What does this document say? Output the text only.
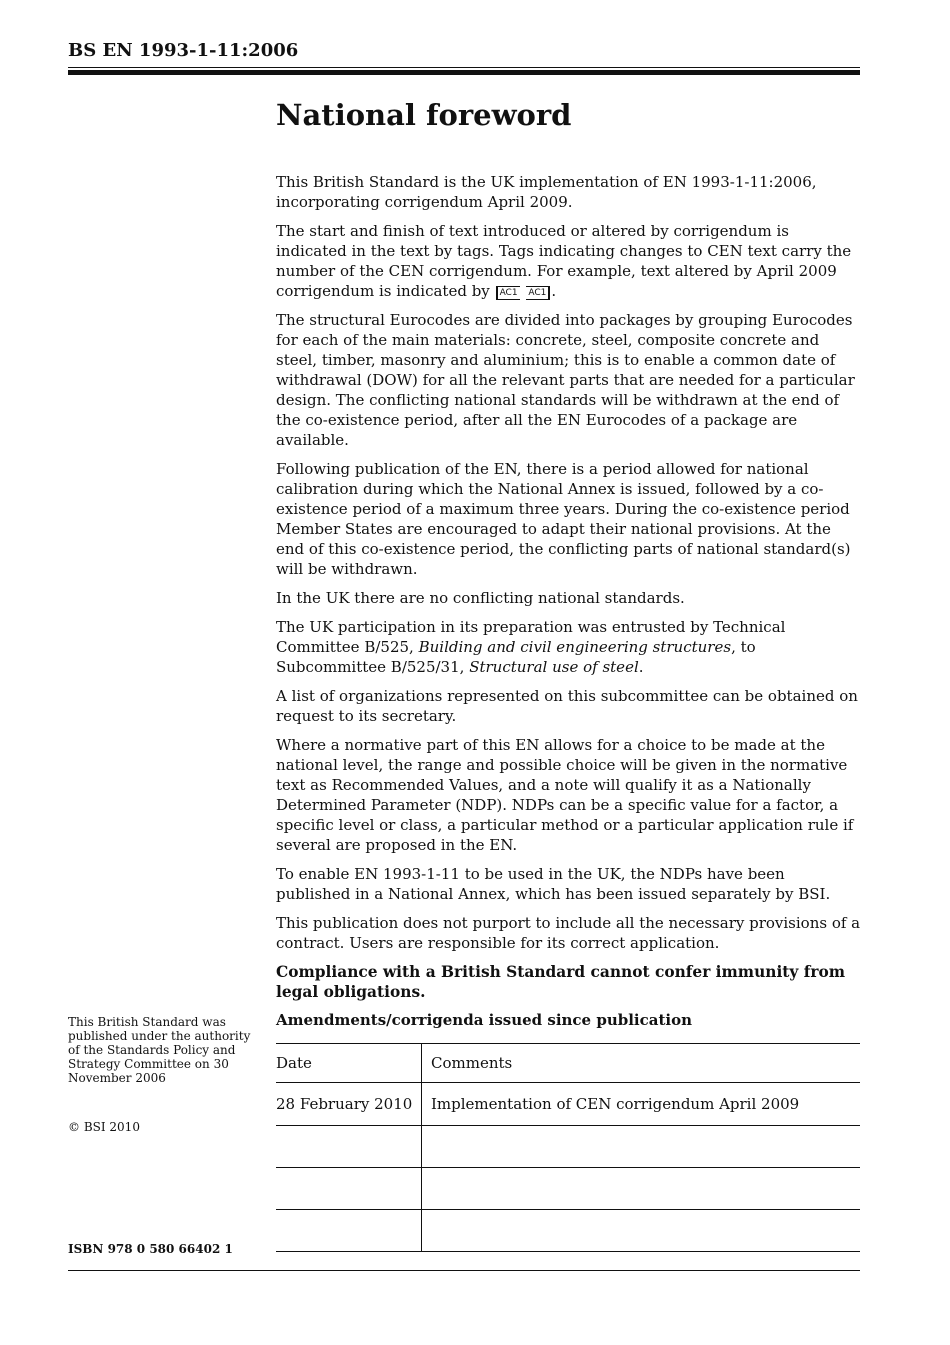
BS EN 1993-1-11:2006
National foreword

This British Standard is the UK implementation of EN 1993-1-11:2006, incorporating corrigendum April 2009.

The start and finish of text introduced or altered by corrigendum is indicated in the text by tags. Tags indicating changes to CEN text carry the number of the CEN corrigendum. For example, text altered by April 2009 corrigendum is indicated by AC1 AC1 .

The structural Eurocodes are divided into packages by grouping Eurocodes for each of the main materials: concrete, steel, composite concrete and steel, timber, masonry and aluminium; this is to enable a common date of withdrawal (DOW) for all the relevant parts that are needed for a particular design. The conflicting national standards will be withdrawn at the end of the co-existence period, after all the EN Eurocodes of a package are available.

Following publication of the EN, there is a period allowed for national calibration during which the National Annex is issued, followed by a co-existence period of a maximum three years. During the co-existence period Member States are encouraged to adapt their national provisions. At the end of this co-existence period, the conflicting parts of national standard(s) will be withdrawn.

In the UK there are no conflicting national standards.

The UK participation in its preparation was entrusted by Technical Committee B/525, Building and civil engineering structures, to Subcommittee B/525/31, Structural use of steel.

A list of organizations represented on this subcommittee can be obtained on request to its secretary.

Where a normative part of this EN allows for a choice to be made at the national level, the range and possible choice will be given in the normative text as Recommended Values, and a note will qualify it as a Nationally Determined Parameter (NDP). NDPs can be a specific value for a factor, a specific level or class, a particular method or a particular application rule if several are proposed in the EN.

To enable EN 1993-1-11 to be used in the UK, the NDPs have been published in a National Annex, which has been issued separately by BSI.

This publication does not purport to include all the necessary provisions of a contract. Users are responsible for its correct application.

Compliance with a British Standard cannot confer immunity from legal obligations.

Amendments/corrigenda issued since publication
Date	Comments
28 February 2010	Implementation of CEN corrigendum April 2009

This British Standard was published under the authority of the Standards Policy and Strategy Committee on 30 November 2006
© BSI 2010
ISBN 978 0 580 66402 1
